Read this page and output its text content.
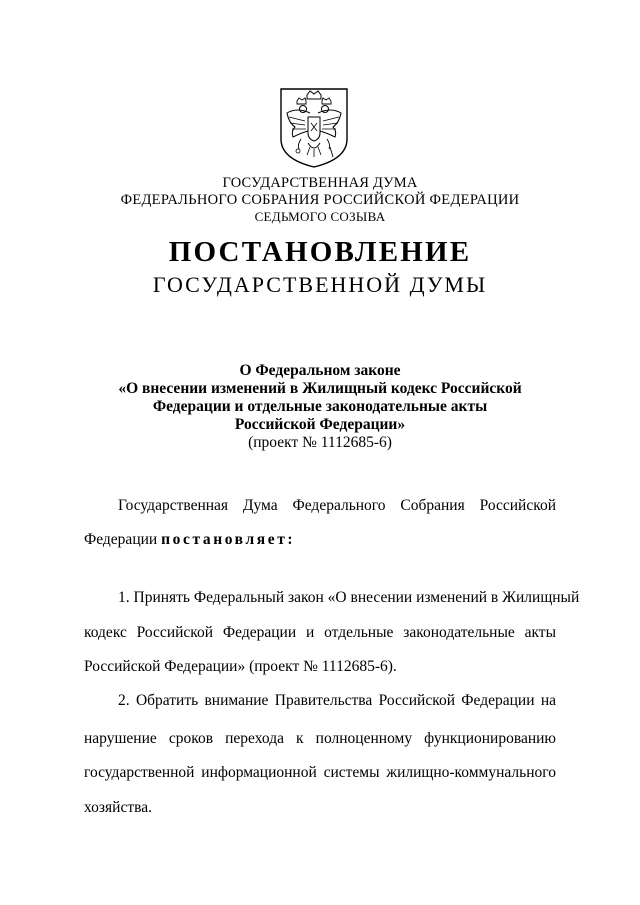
ГОСУДАРСТВЕННАЯ ДУМА
ФЕДЕРАЛЬНОГО СОБРАНИЯ РОССИЙСКОЙ ФЕДЕРАЦИИ
СЕДЬМОГО СОЗЫВА
ПОСТАНОВЛЕНИЕ
ГОСУДАРСТВЕННОЙ ДУМЫ
О Федеральном законе
«О внесении изменений в Жилищный кодекс Российской
Федерации и отдельные законодательные акты
Российской Федерации»
(проект № 1112685-6)
Государственная Дума Федерального Собрания Российской
Федерации постановляет:
1. Принять Федеральный закон «О внесении изменений в Жилищный
кодекс Российской Федерации и отдельные законодательные акты
Российской Федерации» (проект № 1112685-6).
2. Обратить внимание Правительства Российской Федерации на
нарушение сроков перехода к полноценному функционированию
государственной информационной системы жилищно-коммунального
хозяйства.
